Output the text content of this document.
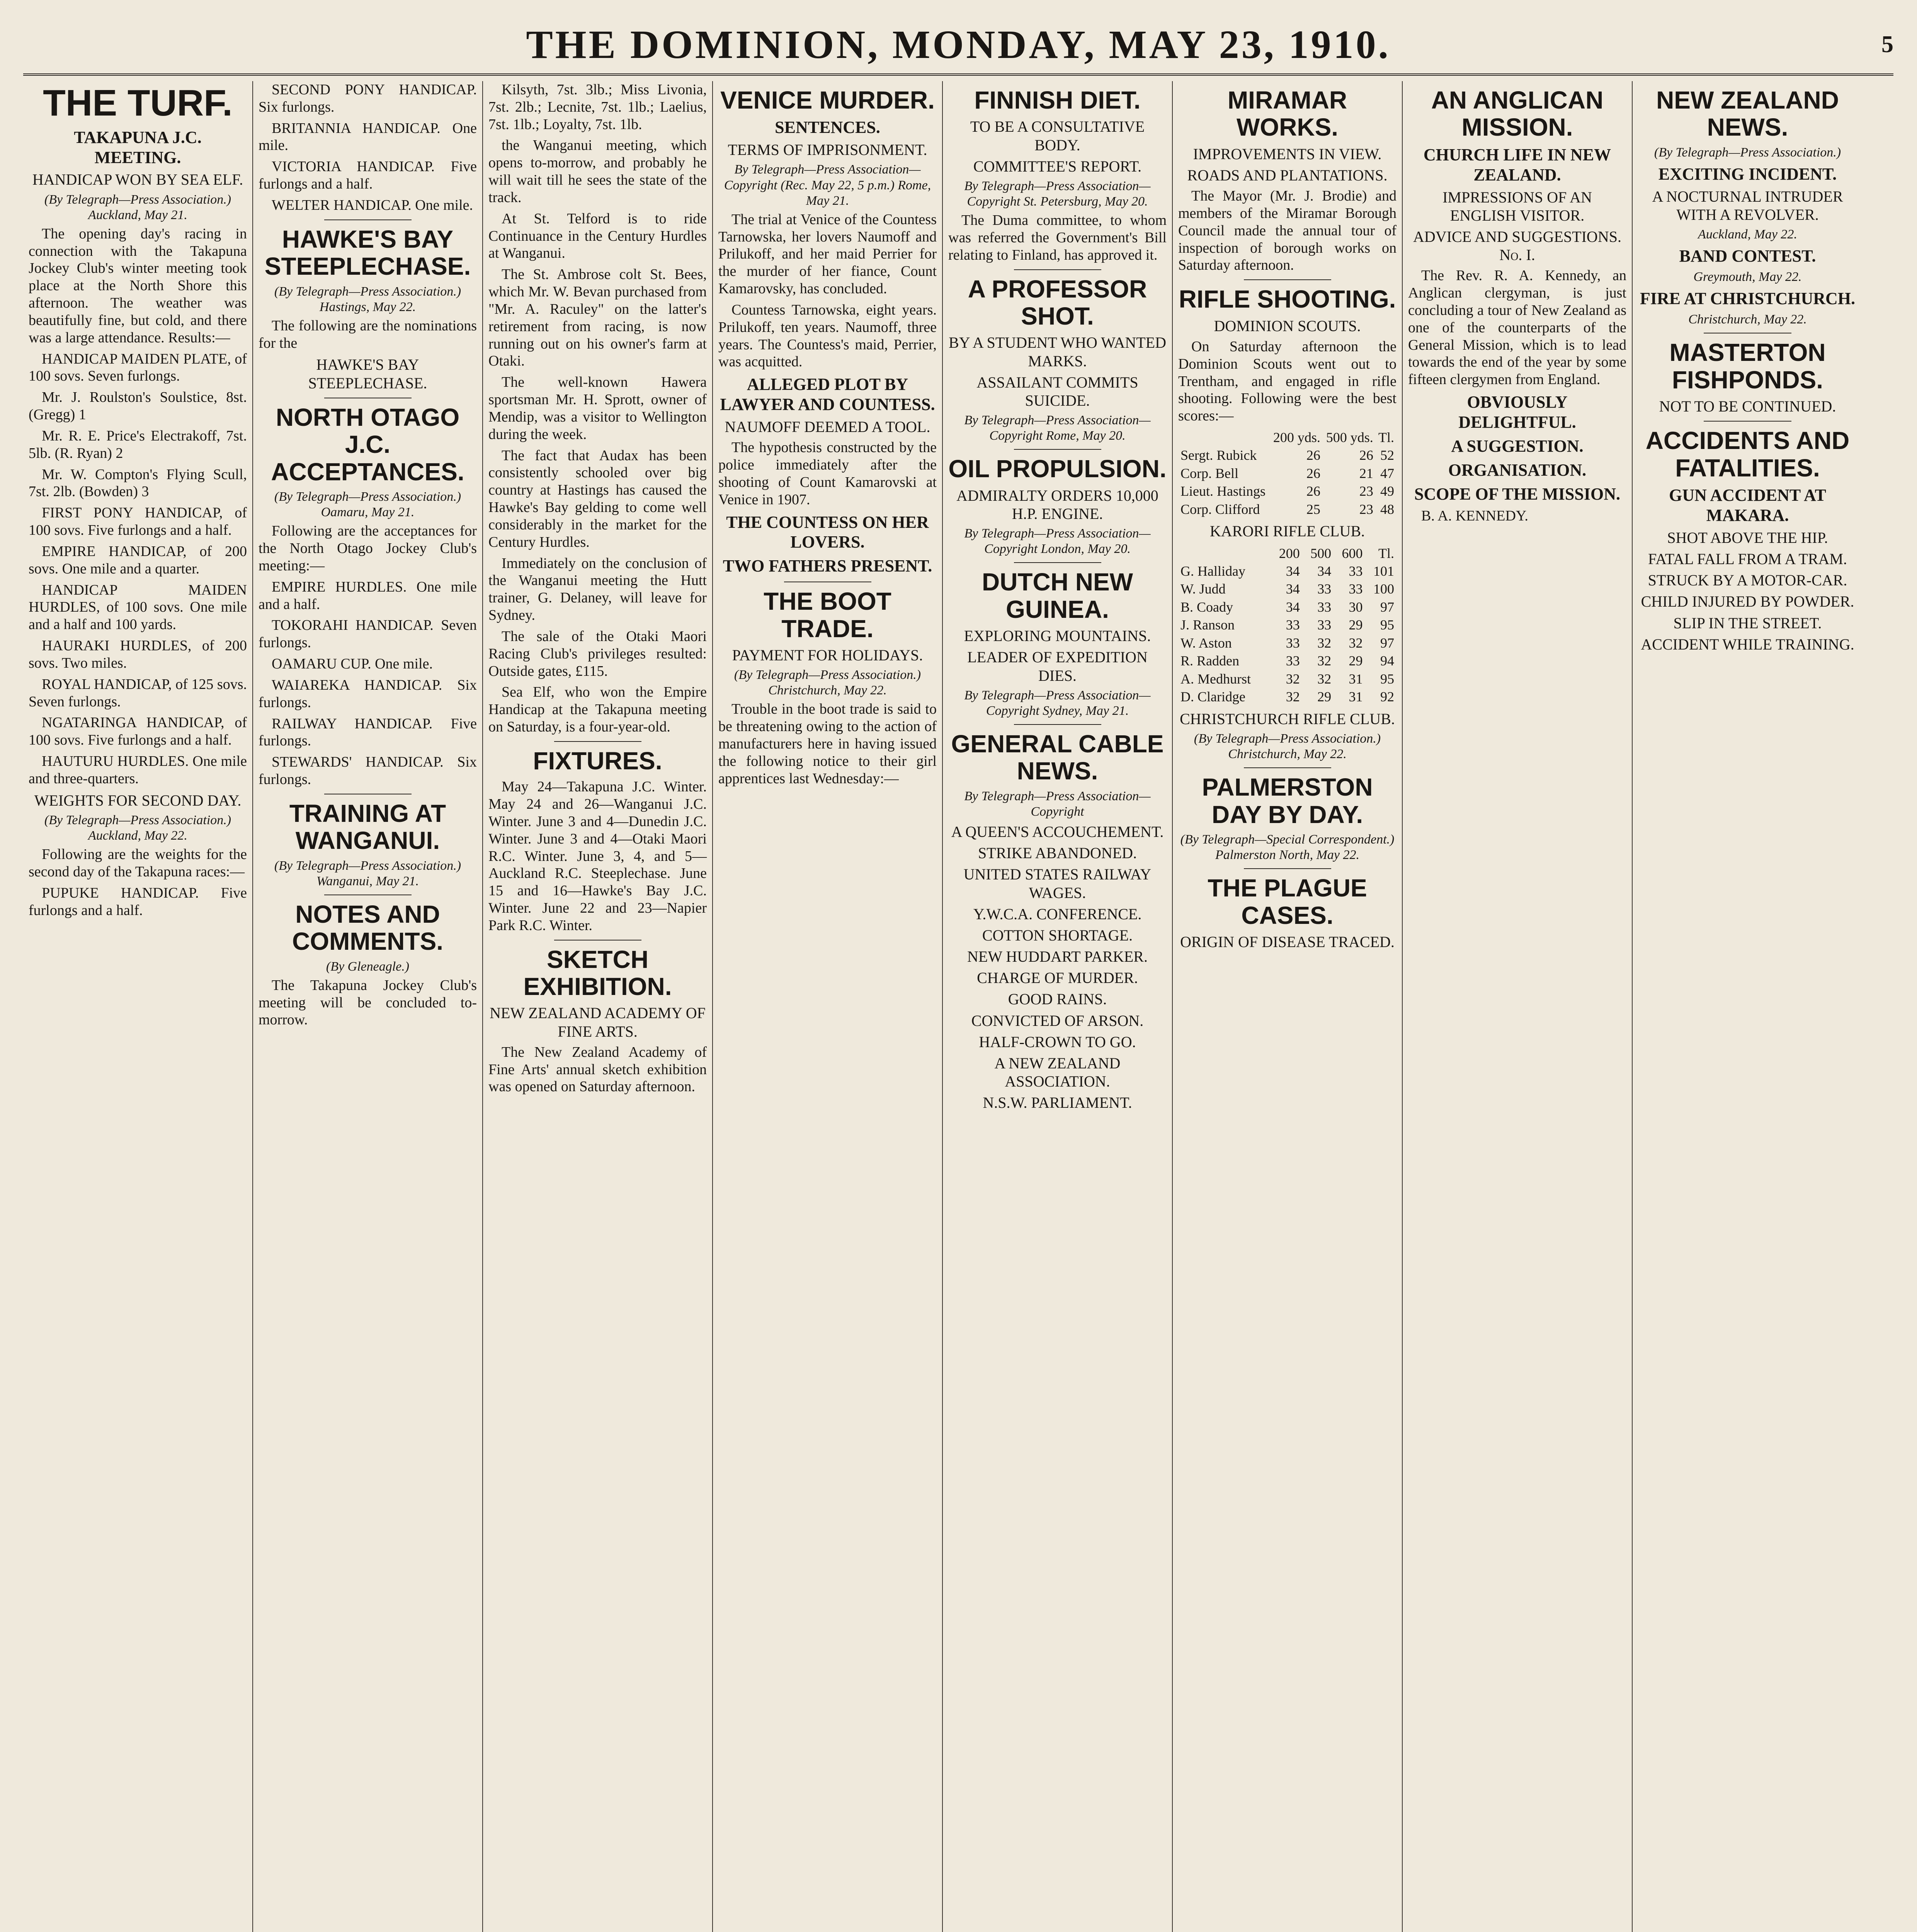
THE DOMINION, MONDAY, MAY 23, 1910.	5
THE TURF.
TAKAPUNA J.C. MEETING.
HANDICAP WON BY SEA ELF.
(By Telegraph—Press Association.) Auckland, May 21.

The opening day's racing in connection with the Takapuna Jockey Club's winter meeting took place at the North Shore this afternoon. The weather was beautifully fine, but cold, and there was a large attendance. Results:—

HANDICAP MAIDEN PLATE, of 100 sovs. Seven furlongs.

Mr. J. Roulston's Soulstice, 8st. (Gregg) 1

Mr. R. E. Price's Electrakoff, 7st. 5lb. (R. Ryan) 2

Mr. W. Compton's Flying Scull, 7st. 2lb. (Bowden) 3

FIRST PONY HANDICAP, of 100 sovs. Five furlongs and a half.

EMPIRE HANDICAP, of 200 sovs. One mile and a quarter.

HANDICAP MAIDEN HURDLES, of 100 sovs. One mile and a half and 100 yards.

HAURAKI HURDLES, of 200 sovs. Two miles.

ROYAL HANDICAP, of 125 sovs. Seven furlongs.

NGATARINGA HANDICAP, of 100 sovs. Five furlongs and a half.

HAUTURU HURDLES. One mile and three-quarters.

WEIGHTS FOR SECOND DAY.
(By Telegraph—Press Association.) Auckland, May 22.

Following are the weights for the second day of the Takapuna races:—

PUPUKE HANDICAP. Five furlongs and a half.

SECOND PONY HANDICAP. Six furlongs.

BRITANNIA HANDICAP. One mile.

VICTORIA HANDICAP. Five furlongs and a half.

WELTER HANDICAP. One mile.

HAWKE'S BAY STEEPLECHASE.
(By Telegraph—Press Association.) Hastings, May 22.

The following are the nominations for the

HAWKE'S BAY STEEPLECHASE.
NORTH OTAGO J.C. ACCEPTANCES.
(By Telegraph—Press Association.) Oamaru, May 21.

Following are the acceptances for the North Otago Jockey Club's meeting:—

EMPIRE HURDLES. One mile and a half.

TOKORAHI HANDICAP. Seven furlongs.

OAMARU CUP. One mile.

WAIAREKA HANDICAP. Six furlongs.

RAILWAY HANDICAP. Five furlongs.

STEWARDS' HANDICAP. Six furlongs.

TRAINING AT WANGANUI.
(By Telegraph—Press Association.) Wanganui, May 21.
NOTES AND COMMENTS.
(By Gleneagle.)

The Takapuna Jockey Club's meeting will be concluded to-morrow.

Kilsyth, 7st. 3lb.; Miss Livonia, 7st. 2lb.; Lecnite, 7st. 1lb.; Laelius, 7st. 1lb.; Loyalty, 7st. 1lb.

the Wanganui meeting, which opens to-morrow, and probably he will wait till he sees the state of the track.

At St. Telford is to ride Continuance in the Century Hurdles at Wanganui.

The St. Ambrose colt St. Bees, which Mr. W. Bevan purchased from "Mr. A. Raculey" on the latter's retirement from racing, is now running out on his owner's farm at Otaki.

The well-known Hawera sportsman Mr. H. Sprott, owner of Mendip, was a visitor to Wellington during the week.

The fact that Audax has been consistently schooled over big country at Hastings has caused the Hawke's Bay gelding to come well considerably in the market for the Century Hurdles.

Immediately on the conclusion of the Wanganui meeting the Hutt trainer, G. Delaney, will leave for Sydney.

The sale of the Otaki Maori Racing Club's privileges resulted: Outside gates, £115.

Sea Elf, who won the Empire Handicap at the Takapuna meeting on Saturday, is a four-year-old.

FIXTURES.

May 24—Takapuna J.C. Winter. May 24 and 26—Wanganui J.C. Winter. June 3 and 4—Dunedin J.C. Winter. June 3 and 4—Otaki Maori R.C. Winter. June 3, 4, and 5—Auckland R.C. Steeplechase. June 15 and 16—Hawke's Bay J.C. Winter. June 22 and 23—Napier Park R.C. Winter.

SKETCH EXHIBITION.
NEW ZEALAND ACADEMY OF FINE ARTS.

The New Zealand Academy of Fine Arts' annual sketch exhibition was opened on Saturday afternoon.

VENICE MURDER.
SENTENCES.
TERMS OF IMPRISONMENT.
By Telegraph—Press Association—Copyright (Rec. May 22, 5 p.m.) Rome, May 21.

The trial at Venice of the Countess Tarnowska, her lovers Naumoff and Prilukoff, and her maid Perrier for the murder of her fiance, Count Kamarovsky, has concluded.

Countess Tarnowska, eight years. Prilukoff, ten years. Naumoff, three years. The Countess's maid, Perrier, was acquitted.

ALLEGED PLOT BY LAWYER AND COUNTESS.
NAUMOFF DEEMED A TOOL.

The hypothesis constructed by the police immediately after the shooting of Count Kamarovski at Venice in 1907.

THE COUNTESS ON HER LOVERS.
TWO FATHERS PRESENT.
THE BOOT TRADE.
PAYMENT FOR HOLIDAYS.
(By Telegraph—Press Association.) Christchurch, May 22.

Trouble in the boot trade is said to be threatening owing to the action of manufacturers here in having issued the following notice to their girl apprentices last Wednesday:—

FINNISH DIET.
TO BE A CONSULTATIVE BODY.
COMMITTEE'S REPORT.
By Telegraph—Press Association—Copyright St. Petersburg, May 20.

The Duma committee, to whom was referred the Government's Bill relating to Finland, has approved it.

A PROFESSOR SHOT.
BY A STUDENT WHO WANTED MARKS.
ASSAILANT COMMITS SUICIDE.
By Telegraph—Press Association—Copyright Rome, May 20.
OIL PROPULSION.
ADMIRALTY ORDERS 10,000 H.P. ENGINE.
By Telegraph—Press Association—Copyright London, May 20.
DUTCH NEW GUINEA.
EXPLORING MOUNTAINS.
LEADER OF EXPEDITION DIES.
By Telegraph—Press Association—Copyright Sydney, May 21.
GENERAL CABLE NEWS.
By Telegraph—Press Association—Copyright
A QUEEN'S ACCOUCHEMENT.
STRIKE ABANDONED.
UNITED STATES RAILWAY WAGES.
Y.W.C.A. CONFERENCE.
COTTON SHORTAGE.
NEW HUDDART PARKER.
CHARGE OF MURDER.
GOOD RAINS.
CONVICTED OF ARSON.
HALF-CROWN TO GO.
A NEW ZEALAND ASSOCIATION.
N.S.W. PARLIAMENT.
MIRAMAR WORKS.
IMPROVEMENTS IN VIEW.
ROADS AND PLANTATIONS.

The Mayor (Mr. J. Brodie) and members of the Miramar Borough Council made the annual tour of inspection of borough works on Saturday afternoon.

RIFLE SHOOTING.
DOMINION SCOUTS.

On Saturday afternoon the Dominion Scouts went out to Trentham, and engaged in rifle shooting. Following were the best scores:—

	200 yds.	500 yds.	Tl.
Sergt. Rubick	26	26	52
Corp. Bell	26	21	47
Lieut. Hastings	26	23	49
Corp. Clifford	25	23	48
KARORI RIFLE CLUB.
	200	500	600	Tl.
G. Halliday	34	34	33	101
W. Judd	34	33	33	100
B. Coady	34	33	30	97
J. Ranson	33	33	29	95
W. Aston	33	32	32	97
R. Radden	33	32	29	94
A. Medhurst	32	32	31	95
D. Claridge	32	29	31	92
CHRISTCHURCH RIFLE CLUB.
(By Telegraph—Press Association.) Christchurch, May 22.
PALMERSTON DAY BY DAY.
(By Telegraph—Special Correspondent.) Palmerston North, May 22.
THE PLAGUE CASES.
ORIGIN OF DISEASE TRACED.
AN ANGLICAN MISSION.
CHURCH LIFE IN NEW ZEALAND.
IMPRESSIONS OF AN ENGLISH VISITOR.
ADVICE AND SUGGESTIONS. No. I.

The Rev. R. A. Kennedy, an Anglican clergyman, is just concluding a tour of New Zealand as one of the counterparts of the General Mission, which is to lead towards the end of the year by some fifteen clergymen from England.

OBVIOUSLY DELIGHTFUL.
A SUGGESTION.
ORGANISATION.
SCOPE OF THE MISSION.

B. A. KENNEDY.

NEW ZEALAND NEWS.
(By Telegraph—Press Association.)
EXCITING INCIDENT.
A NOCTURNAL INTRUDER WITH A REVOLVER.
Auckland, May 22.
BAND CONTEST.
Greymouth, May 22.
FIRE AT CHRISTCHURCH.
Christchurch, May 22.
MASTERTON FISHPONDS.
NOT TO BE CONTINUED.
ACCIDENTS AND FATALITIES.
GUN ACCIDENT AT MAKARA.
SHOT ABOVE THE HIP.
FATAL FALL FROM A TRAM.
STRUCK BY A MOTOR-CAR.
CHILD INJURED BY POWDER.
SLIP IN THE STREET.
ACCIDENT WHILE TRAINING.
